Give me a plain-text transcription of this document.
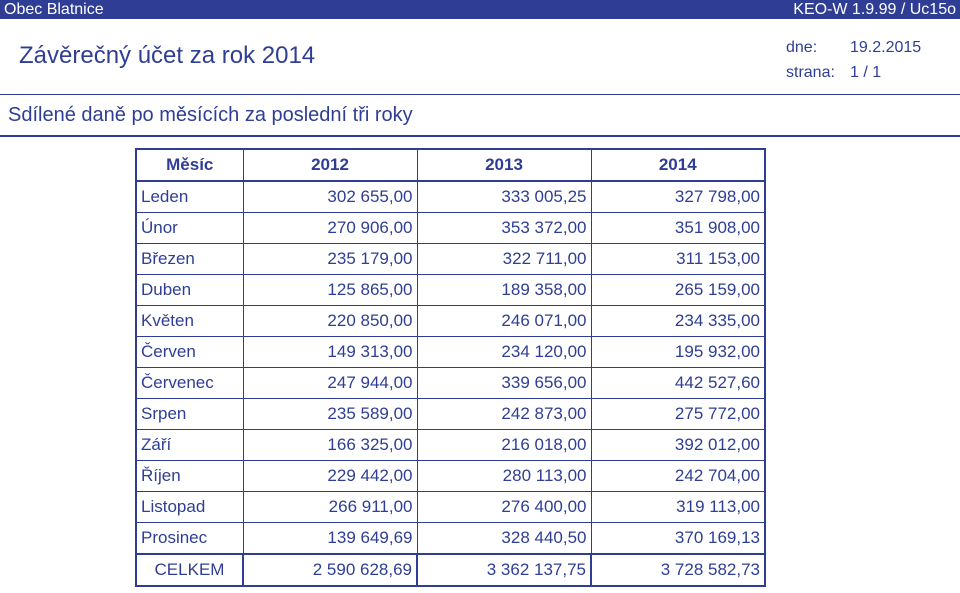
Obec Blatnice	KEO-W 1.9.99 / Uc15o
Závěrečný účet za rok 2014	dne: 19.2.2015
strana: 1 / 1
Sdílené daně po měsících za poslední tři roky
Měsíc	2012	2013	2014
Leden	302 655,00	333 005,25	327 798,00
Únor	270 906,00	353 372,00	351 908,00
Březen	235 179,00	322 711,00	311 153,00
Duben	125 865,00	189 358,00	265 159,00
Květen	220 850,00	246 071,00	234 335,00
Červen	149 313,00	234 120,00	195 932,00
Červenec	247 944,00	339 656,00	442 527,60
Srpen	235 589,00	242 873,00	275 772,00
Září	166 325,00	216 018,00	392 012,00
Říjen	229 442,00	280 113,00	242 704,00
Listopad	266 911,00	276 400,00	319 113,00
Prosinec	139 649,69	328 440,50	370 169,13
CELKEM	2 590 628,69	3 362 137,75	3 728 582,73
